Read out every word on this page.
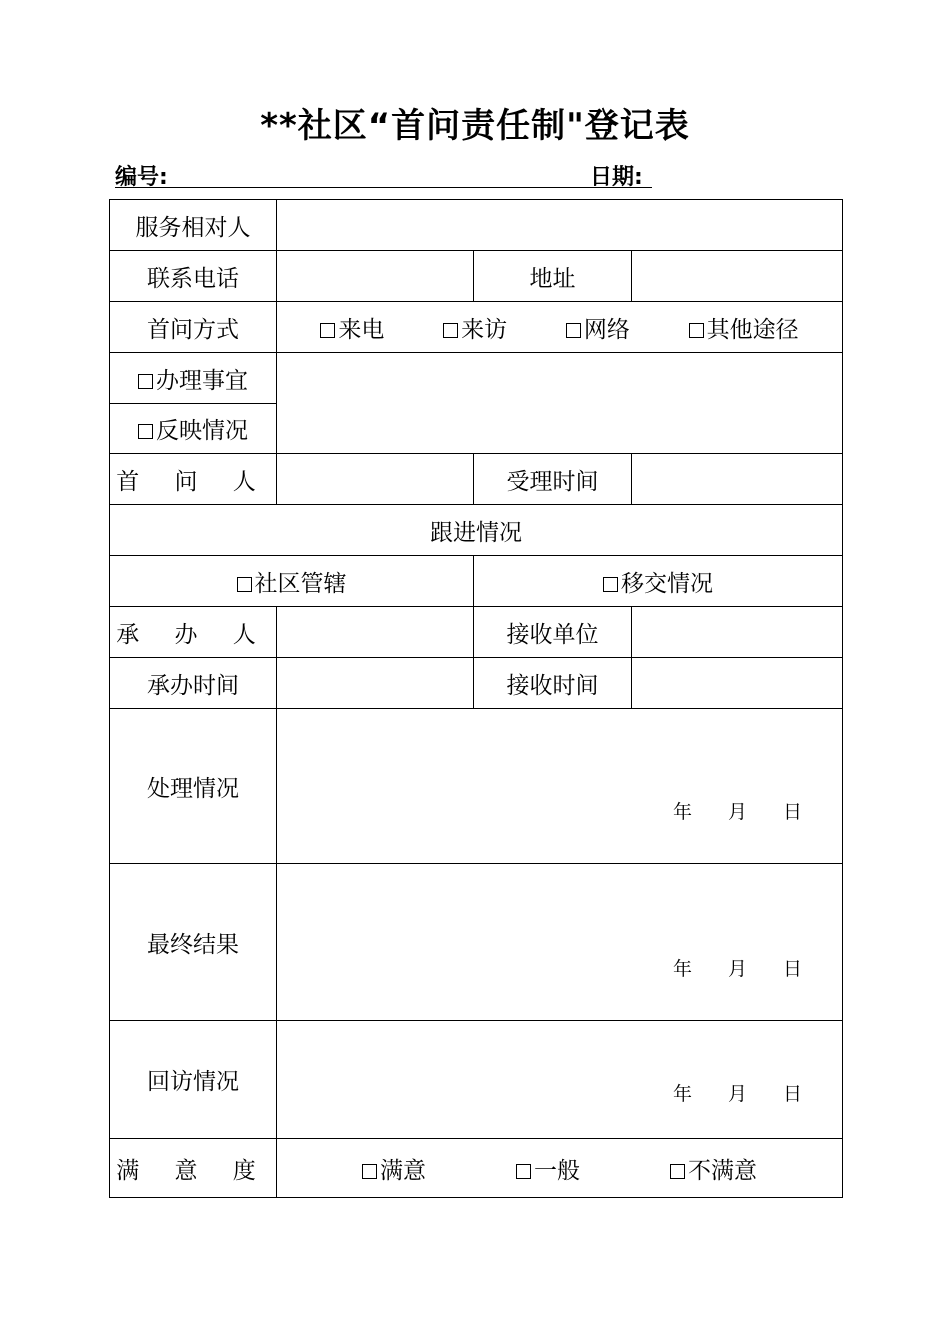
**社区“首问责任制"登记表
编号:	日期:
服务相对人			
联系电话		地址	
首问方式	来电 来访 网络 其他途径		

办理事宜			
反映情况			
首 问 人		受理时间	
跟进情况			
社区管辖		移交情况	
承 办 人		接收单位	
承办时间		接收时间	
处理情况	年 月 日		

最终结果	年 月 日		

回访情况	年 月 日		

满 意 度	满意 一般 不满意		
